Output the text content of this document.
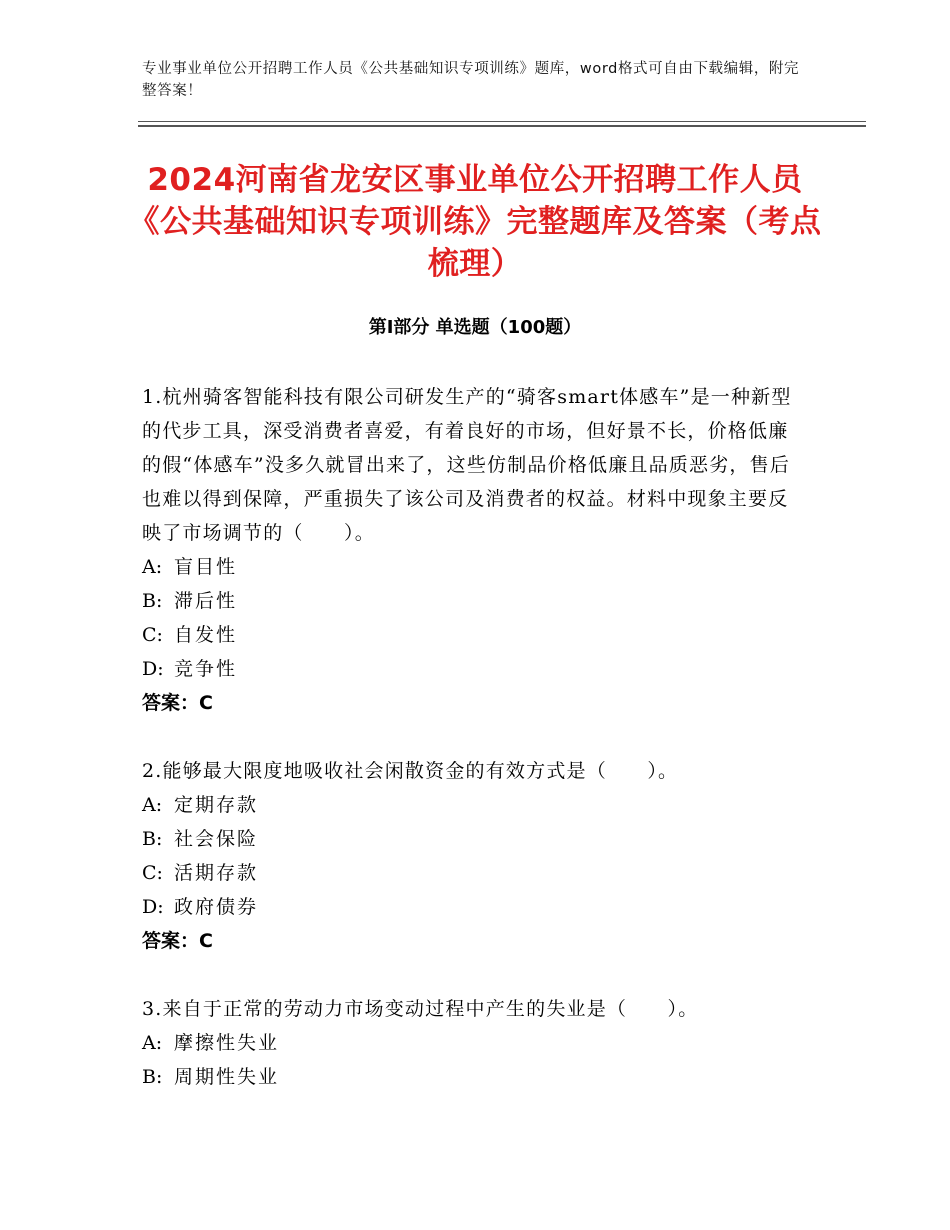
专业事业单位公开招聘工作人员《公共基础知识专项训练》题库，word格式可自由下载编辑，附完整答案！
2024河南省龙安区事业单位公开招聘工作人员《公共基础知识专项训练》完整题库及答案（考点梳理）
第Ⅰ部分 单选题（100题）

1.杭州骑客智能科技有限公司研发生产的“骑客smart体感车”是一种新型的代步工具，深受消费者喜爱，有着良好的市场，但好景不长，价格低廉的假“体感车”没多久就冒出来了，这些仿制品价格低廉且品质恶劣，售后也难以得到保障，严重损失了该公司及消费者的权益。材料中现象主要反映了市场调节的（　　）。

A: 盲目性

B: 滞后性

C: 自发性

D: 竞争性

答案：C

2.能够最大限度地吸收社会闲散资金的有效方式是（　　）。

A: 定期存款

B: 社会保险

C: 活期存款

D: 政府债券

答案：C

3.来自于正常的劳动力市场变动过程中产生的失业是（　　）。

A: 摩擦性失业

B: 周期性失业
